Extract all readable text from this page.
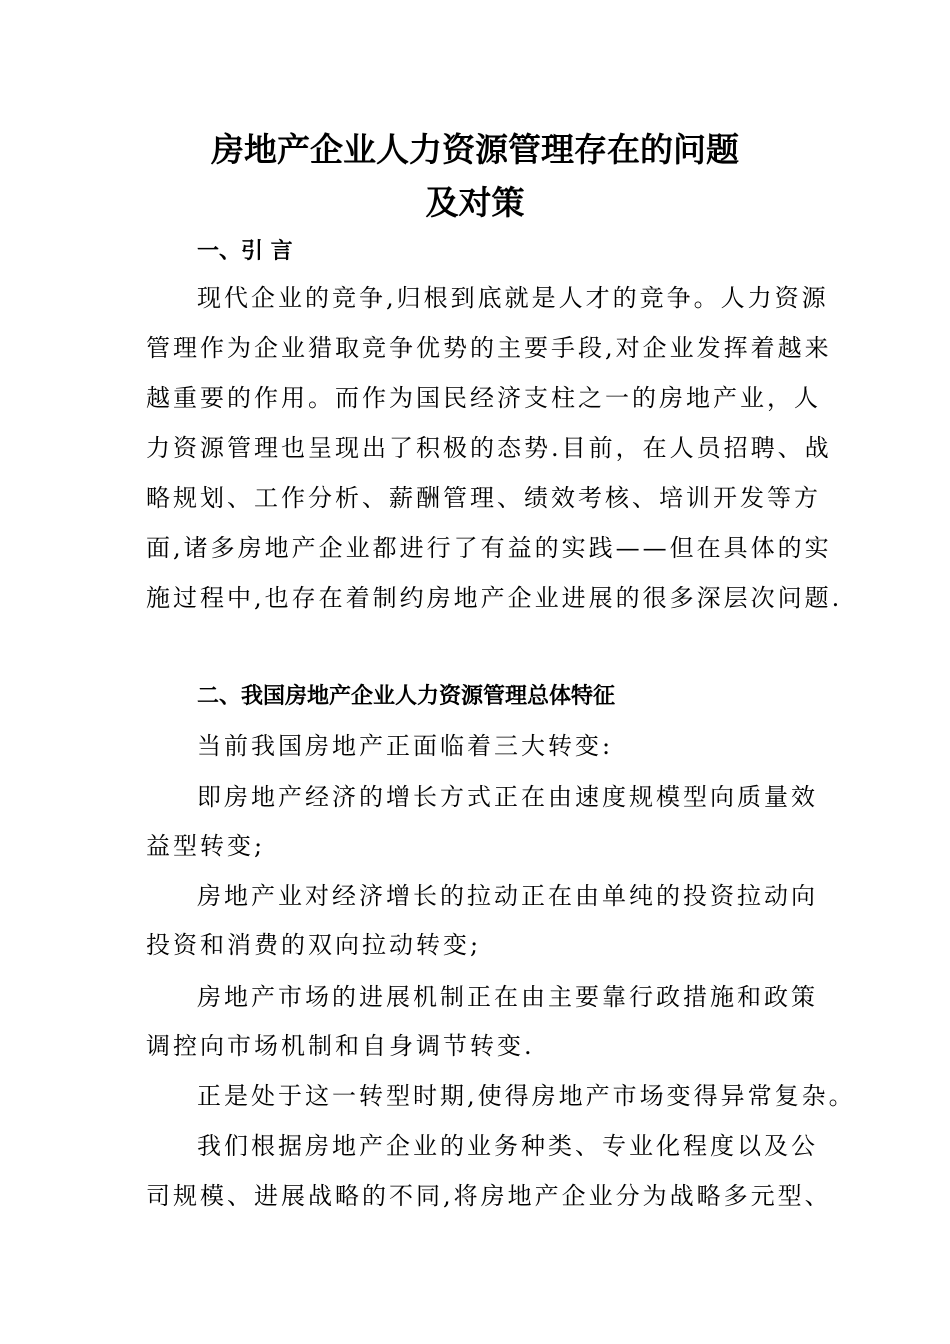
房地产企业人力资源管理存在的问题
及对策
一、引 言
现代企业的竞争,归根到底就是人才的竞争。人力资源
管理作为企业猎取竞争优势的主要手段,对企业发挥着越来
越重要的作用。而作为国民经济支柱之一的房地产业，人
力资源管理也呈现出了积极的态势.目前，在人员招聘、战
略规划、工作分析、薪酬管理、绩效考核、培训开发等方
面,诸多房地产企业都进行了有益的实践——但在具体的实
施过程中,也存在着制约房地产企业进展的很多深层次问题.
二、我国房地产企业人力资源管理总体特征
当前我国房地产正面临着三大转变:
即房地产经济的增长方式正在由速度规模型向质量效
益型转变;
房地产业对经济增长的拉动正在由单纯的投资拉动向
投资和消费的双向拉动转变;
房地产市场的进展机制正在由主要靠行政措施和政策
调控向市场机制和自身调节转变.
正是处于这一转型时期,使得房地产市场变得异常复杂。
我们根据房地产企业的业务种类、专业化程度以及公
司规模、进展战略的不同,将房地产企业分为战略多元型、
